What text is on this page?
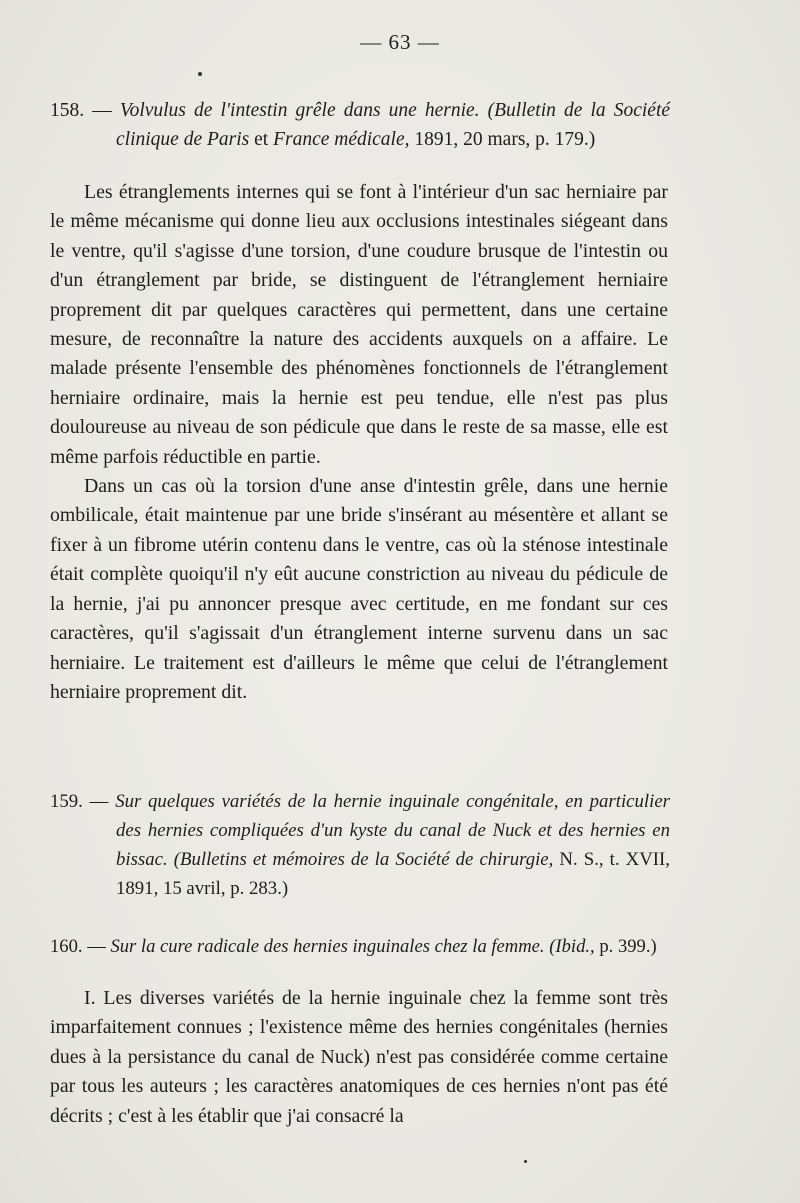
— 63 —
158. — Volvulus de l'intestin grêle dans une hernie. (Bulletin de la Société clinique de Paris et France médicale, 1891, 20 mars, p. 179.)

Les étranglements internes qui se font à l'intérieur d'un sac herniaire par le même mécanisme qui donne lieu aux occlusions intestinales siégeant dans le ventre, qu'il s'agisse d'une torsion, d'une coudure brusque de l'intestin ou d'un étranglement par bride, se distinguent de l'étranglement herniaire proprement dit par quelques caractères qui permettent, dans une certaine mesure, de reconnaître la nature des accidents auxquels on a affaire. Le malade présente l'ensemble des phénomènes fonctionnels de l'étranglement herniaire ordinaire, mais la hernie est peu tendue, elle n'est pas plus douloureuse au niveau de son pédicule que dans le reste de sa masse, elle est même parfois réductible en partie.

Dans un cas où la torsion d'une anse d'intestin grêle, dans une hernie ombilicale, était maintenue par une bride s'insérant au mésentère et allant se fixer à un fibrome utérin contenu dans le ventre, cas où la sténose intestinale était complète quoiqu'il n'y eût aucune constriction au niveau du pédicule de la hernie, j'ai pu annoncer presque avec certitude, en me fondant sur ces caractères, qu'il s'agissait d'un étranglement interne survenu dans un sac herniaire. Le traitement est d'ailleurs le même que celui de l'étranglement herniaire proprement dit.

159. — Sur quelques variétés de la hernie inguinale congénitale, en particulier des hernies compliquées d'un kyste du canal de Nuck et des hernies en bissac. (Bulletins et mémoires de la Société de chirurgie, N. S., t. XVII, 1891, 15 avril, p. 283.)
160. — Sur la cure radicale des hernies inguinales chez la femme. (Ibid., p. 399.)

I. Les diverses variétés de la hernie inguinale chez la femme sont très imparfaitement connues ; l'existence même des hernies congénitales (hernies dues à la persistance du canal de Nuck) n'est pas considérée comme certaine par tous les auteurs ; les caractères anatomiques de ces hernies n'ont pas été décrits ; c'est à les établir que j'ai consacré la
